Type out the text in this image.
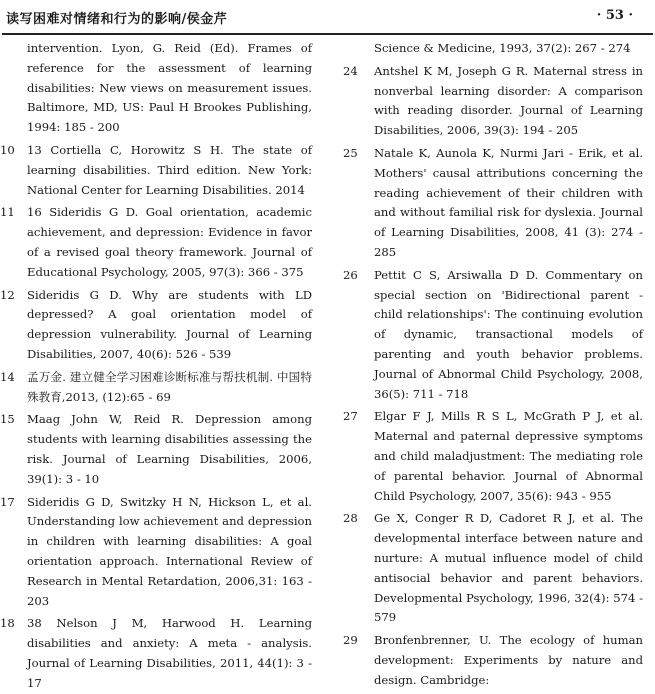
读写困难对情绪和行为的影响/侯金芹	· 53 ·
intervention. Lyon, G. Reid (Ed). Frames of reference for the assessment of learning disabilities: New views on measurement issues. Baltimore, MD, US: Paul H Brookes Publishing, 1994: 185 - 200
10	13 Cortiella C, Horowitz S H. The state of learning disabilities. Third edition. New York: National Center for Learning Disabilities. 2014
11	16 Sideridis G D. Goal orientation, academic achievement, and depression: Evidence in favor of a revised goal theory framework. Journal of Educational Psychology, 2005, 97(3): 366 - 375
12	Sideridis G D. Why are students with LD depressed? A goal orientation model of depression vulnerability. Journal of Learning Disabilities, 2007, 40(6): 526 - 539
14	孟万金. 建立健全学习困难诊断标准与帮扶机制. 中国特殊教育,2013, (12):65 - 69
15	Maag John W, Reid R. Depression among students with learning disabilities assessing the risk. Journal of Learning Disabilities, 2006, 39(1): 3 - 10
17	Sideridis G D, Switzky H N, Hickson L, et al. Understanding low achievement and depression in children with learning disabilities: A goal orientation approach. International Review of Research in Mental Retardation, 2006,31: 163 - 203
18	38 Nelson J M, Harwood H. Learning disabilities and anxiety: A meta - analysis. Journal of Learning Disabilities, 2011, 44(1): 3 - 17
Science & Medicine, 1993, 37(2): 267 - 274
24	Antshel K M, Joseph G R. Maternal stress in nonverbal learning disorder: A comparison with reading disorder. Journal of Learning Disabilities, 2006, 39(3): 194 - 205
25	Natale K, Aunola K, Nurmi Jari - Erik, et al. Mothers' causal attributions concerning the reading achievement of their children with and without familial risk for dyslexia. Journal of Learning Disabilities, 2008, 41 (3): 274 - 285
26	Pettit C S, Arsiwalla D D. Commentary on special section on 'Bidirectional parent - child relationships': The continuing evolution of dynamic, transactional models of parenting and youth behavior problems. Journal of Abnormal Child Psychology, 2008, 36(5): 711 - 718
27	Elgar F J, Mills R S L, McGrath P J, et al. Maternal and paternal depressive symptoms and child maladjustment: The mediating role of parental behavior. Journal of Abnormal Child Psychology, 2007, 35(6): 943 - 955
28	Ge X, Conger R D, Cadoret R J, et al. The developmental interface between nature and nurture: A mutual influence model of child antisocial behavior and parent behaviors. Developmental Psychology, 1996, 32(4): 574 - 579
29	Bronfenbrenner, U. The ecology of human development: Experiments by nature and design. Cambridge:
